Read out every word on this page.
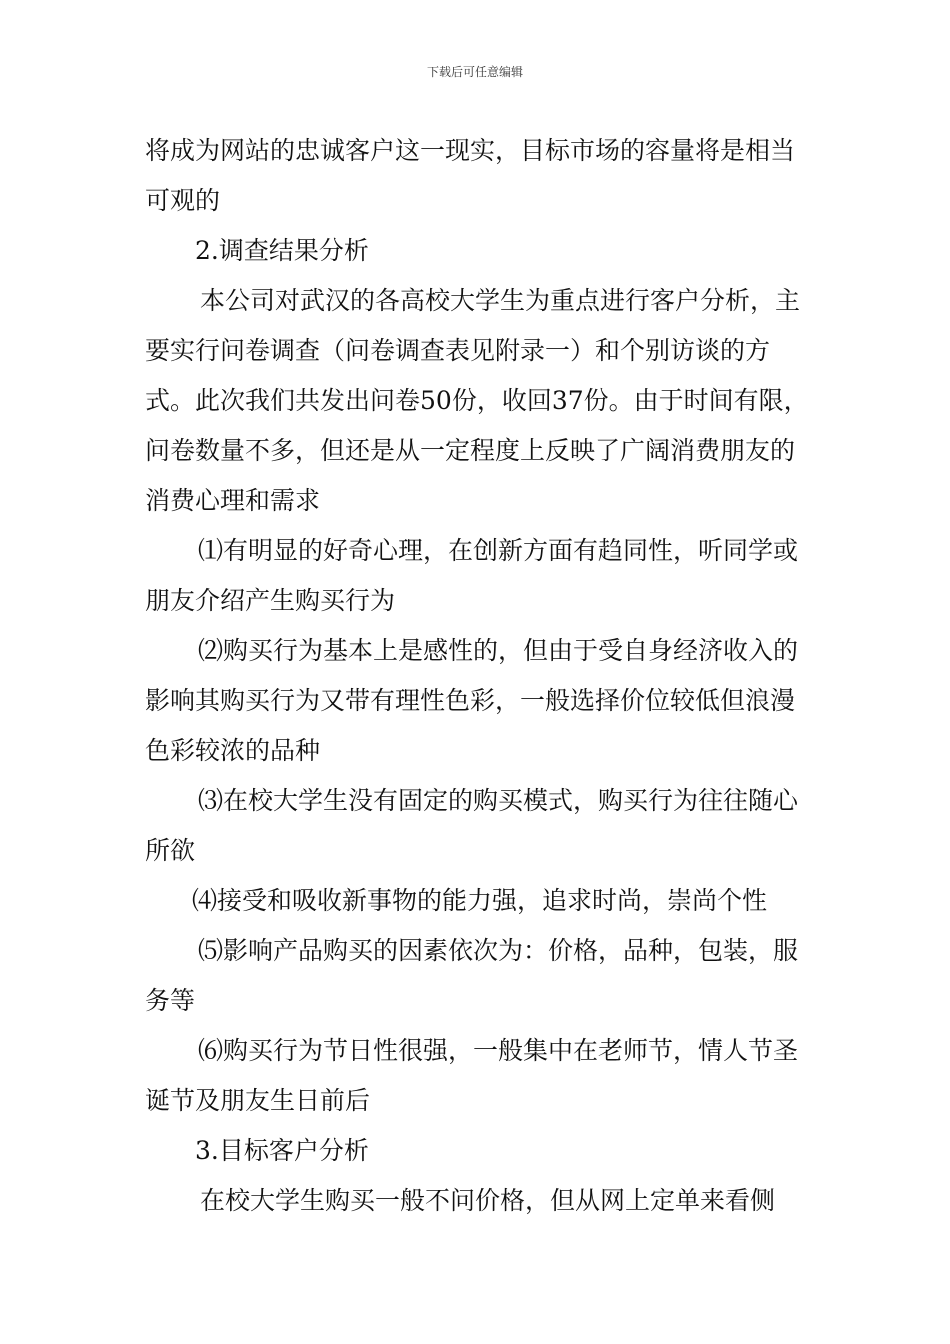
下载后可任意编辑

将成为网站的忠诚客户这一现实，目标市场的容量将是相当可观的

2.调查结果分析

本公司对武汉的各高校大学生为重点进行客户分析，主要实行问卷调查（问卷调查表见附录一）和个别访谈的方式。此次我们共发出问卷50份，收回37份。由于时间有限，问卷数量不多，但还是从一定程度上反映了广阔消费朋友的消费心理和需求

⑴有明显的好奇心理，在创新方面有趋同性，听同学或朋友介绍产生购买行为

⑵购买行为基本上是感性的，但由于受自身经济收入的影响其购买行为又带有理性色彩，一般选择价位较低但浪漫色彩较浓的品种

⑶在校大学生没有固定的购买模式，购买行为往往随心所欲

⑷接受和吸收新事物的能力强，追求时尚，崇尚个性

⑸影响产品购买的因素依次为：价格，品种，包装，服务等

⑹购买行为节日性很强，一般集中在老师节，情人节圣诞节及朋友生日前后

3.目标客户分析

在校大学生购买一般不问价格，但从网上定单来看侧
